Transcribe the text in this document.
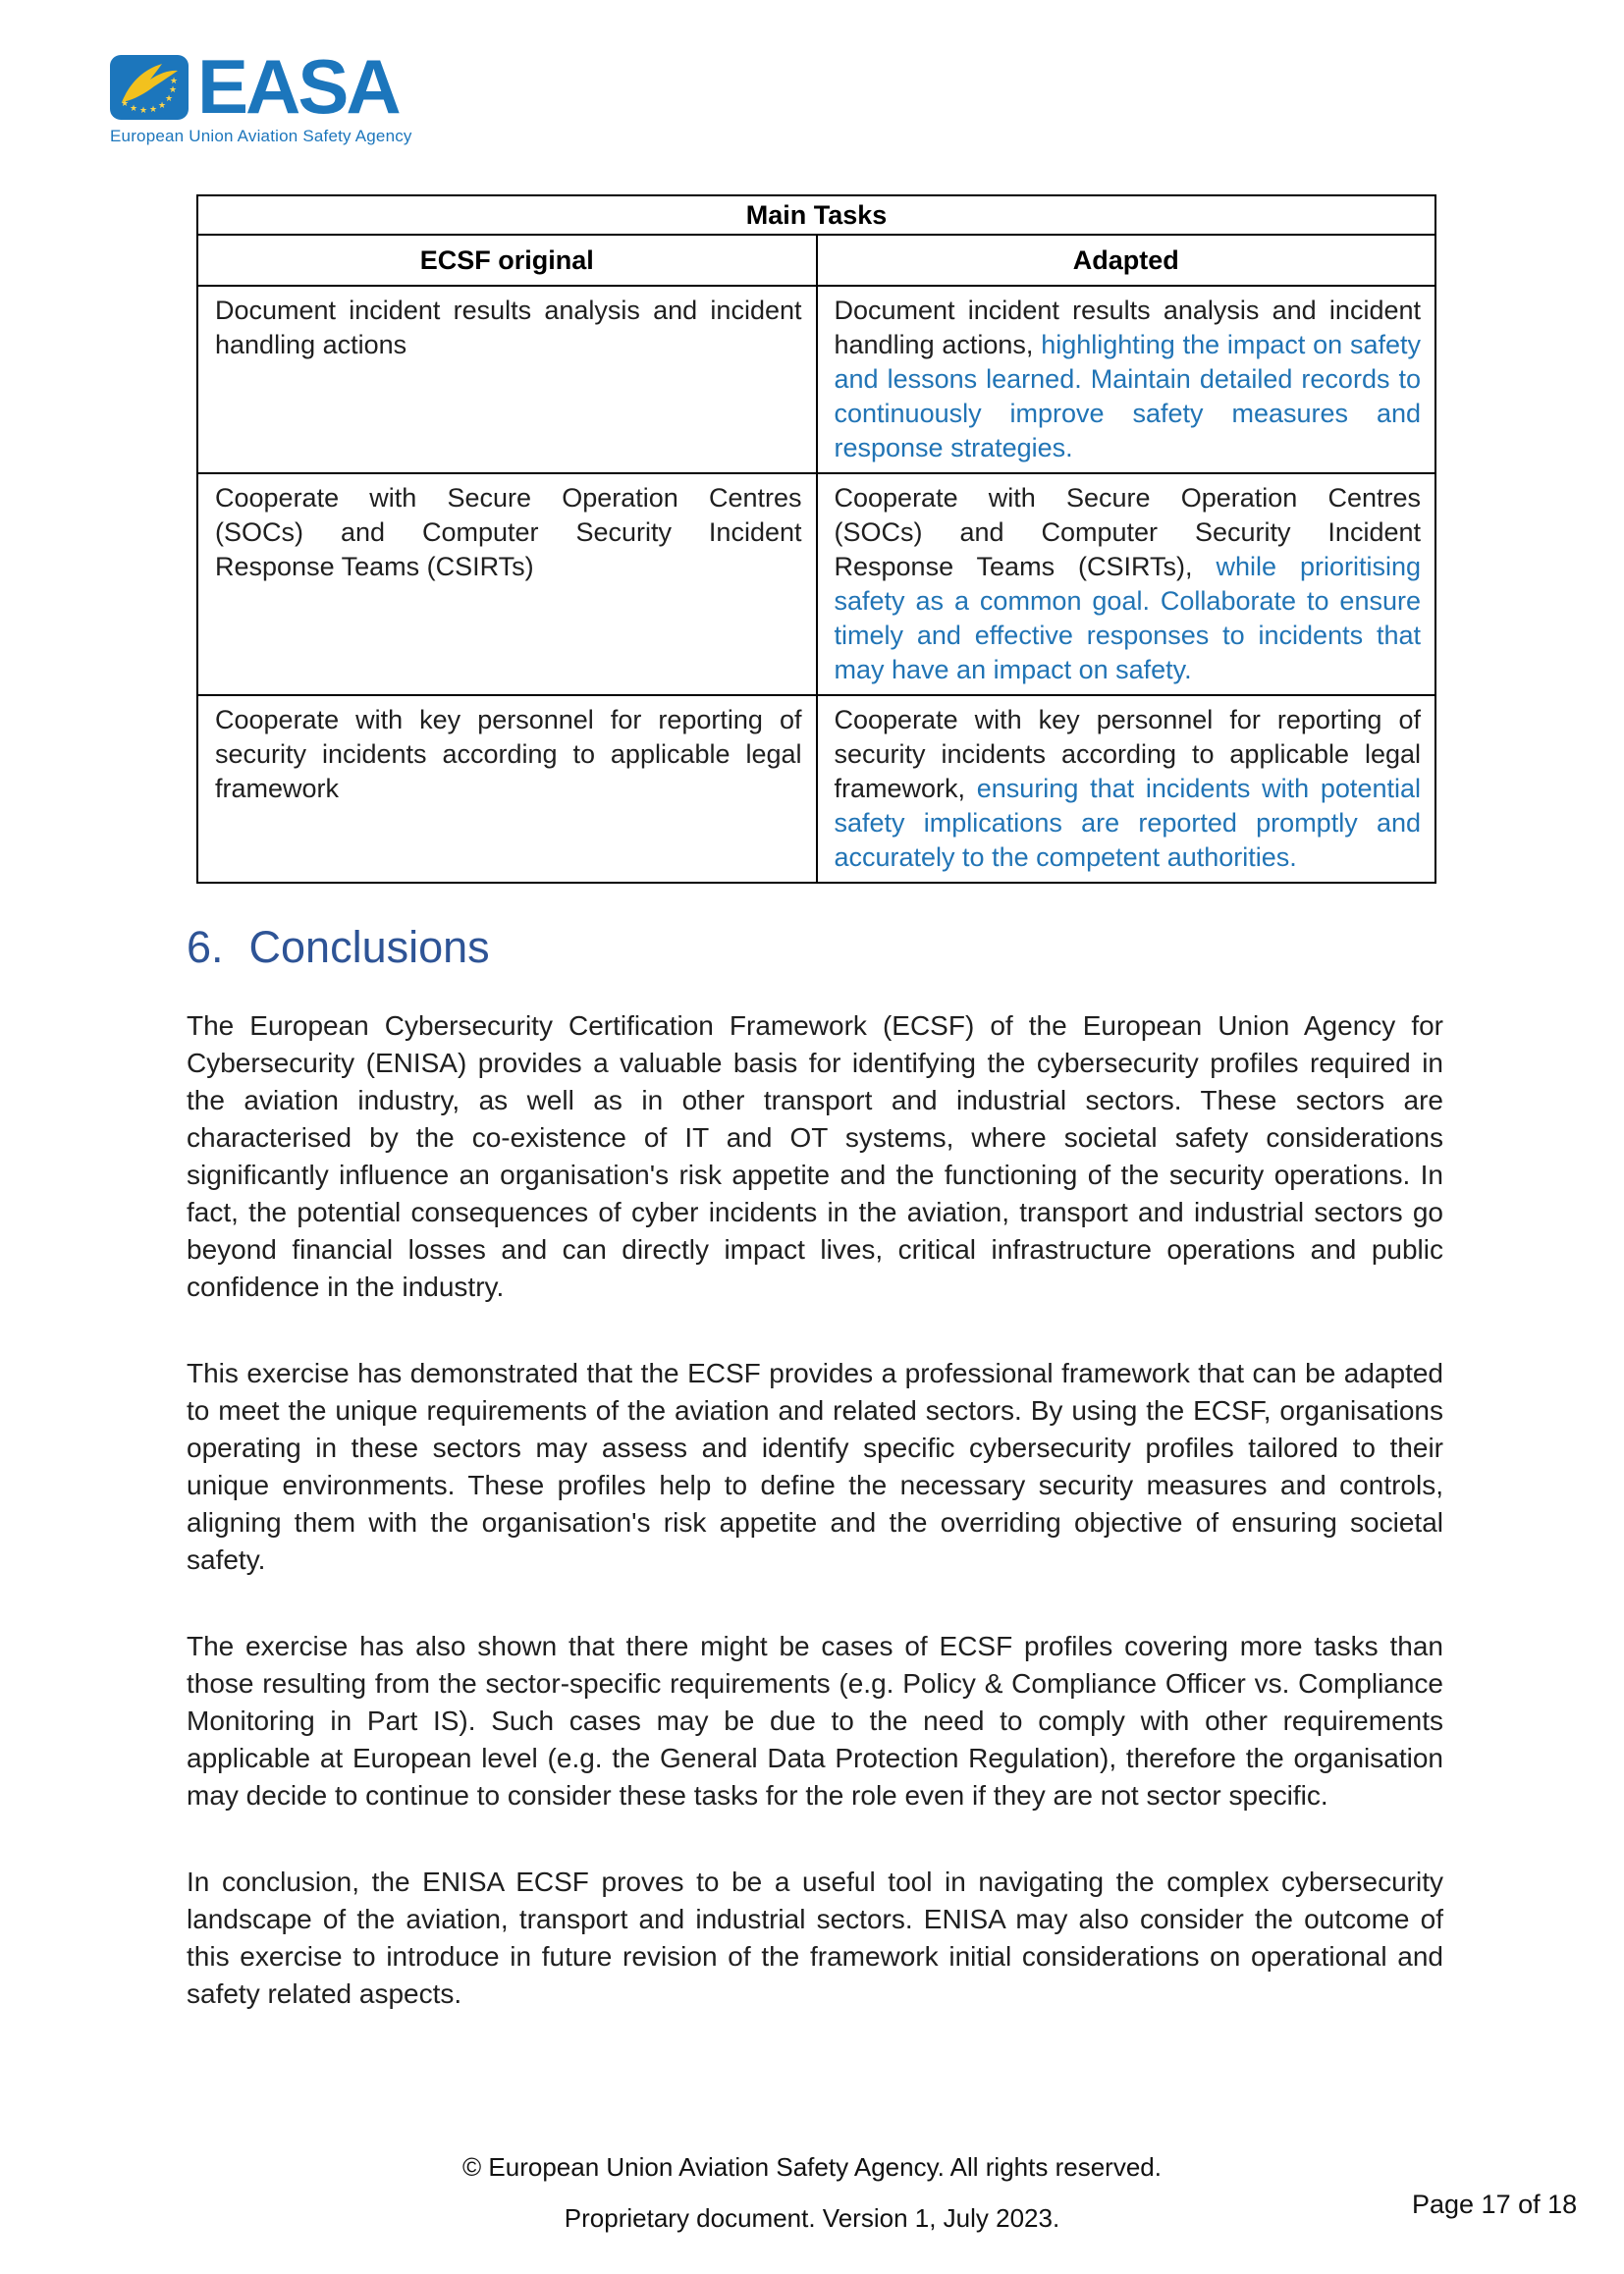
★ ★ ★ ★ ★
★
★
★ EASA
European Union Aviation Safety Agency
Main Tasks	
ECSF original	Adapted
Document incident results analysis and incident handling actions	Document incident results analysis and incident handling actions, highlighting the impact on safety and lessons learned. Maintain detailed records to continuously improve safety measures and response strategies.
Cooperate with Secure Operation Centres (SOCs) and Computer Security Incident Response Teams (CSIRTs)	Cooperate with Secure Operation Centres (SOCs) and Computer Security Incident Response Teams (CSIRTs), while prioritising safety as a common goal. Collaborate to ensure timely and effective responses to incidents that may have an impact on safety.
Cooperate with key personnel for reporting of security incidents according to applicable legal framework	Cooperate with key personnel for reporting of security incidents according to applicable legal framework, ensuring that incidents with potential safety implications are reported promptly and accurately to the competent authorities.
6. Conclusions

The European Cybersecurity Certification Framework (ECSF) of the European Union Agency for Cybersecurity (ENISA) provides a valuable basis for identifying the cybersecurity profiles required in the aviation industry, as well as in other transport and industrial sectors. These sectors are characterised by the co-existence of IT and OT systems, where societal safety considerations significantly influence an organisation's risk appetite and the functioning of the security operations. In fact, the potential consequences of cyber incidents in the aviation, transport and industrial sectors go beyond financial losses and can directly impact lives, critical infrastructure operations and public confidence in the industry.

This exercise has demonstrated that the ECSF provides a professional framework that can be adapted to meet the unique requirements of the aviation and related sectors. By using the ECSF, organisations operating in these sectors may assess and identify specific cybersecurity profiles tailored to their unique environments. These profiles help to define the necessary security measures and controls, aligning them with the organisation's risk appetite and the overriding objective of ensuring societal safety.

The exercise has also shown that there might be cases of ECSF profiles covering more tasks than those resulting from the sector-specific requirements (e.g. Policy & Compliance Officer vs. Compliance Monitoring in Part IS). Such cases may be due to the need to comply with other requirements applicable at European level (e.g. the General Data Protection Regulation), therefore the organisation may decide to continue to consider these tasks for the role even if they are not sector specific.

In conclusion, the ENISA ECSF proves to be a useful tool in navigating the complex cybersecurity landscape of the aviation, transport and industrial sectors. ENISA may also consider the outcome of this exercise to introduce in future revision of the framework initial considerations on operational and safety related aspects.

© European Union Aviation Safety Agency. All rights reserved.
Proprietary document. Version 1, July 2023.	Page 17 of 18
